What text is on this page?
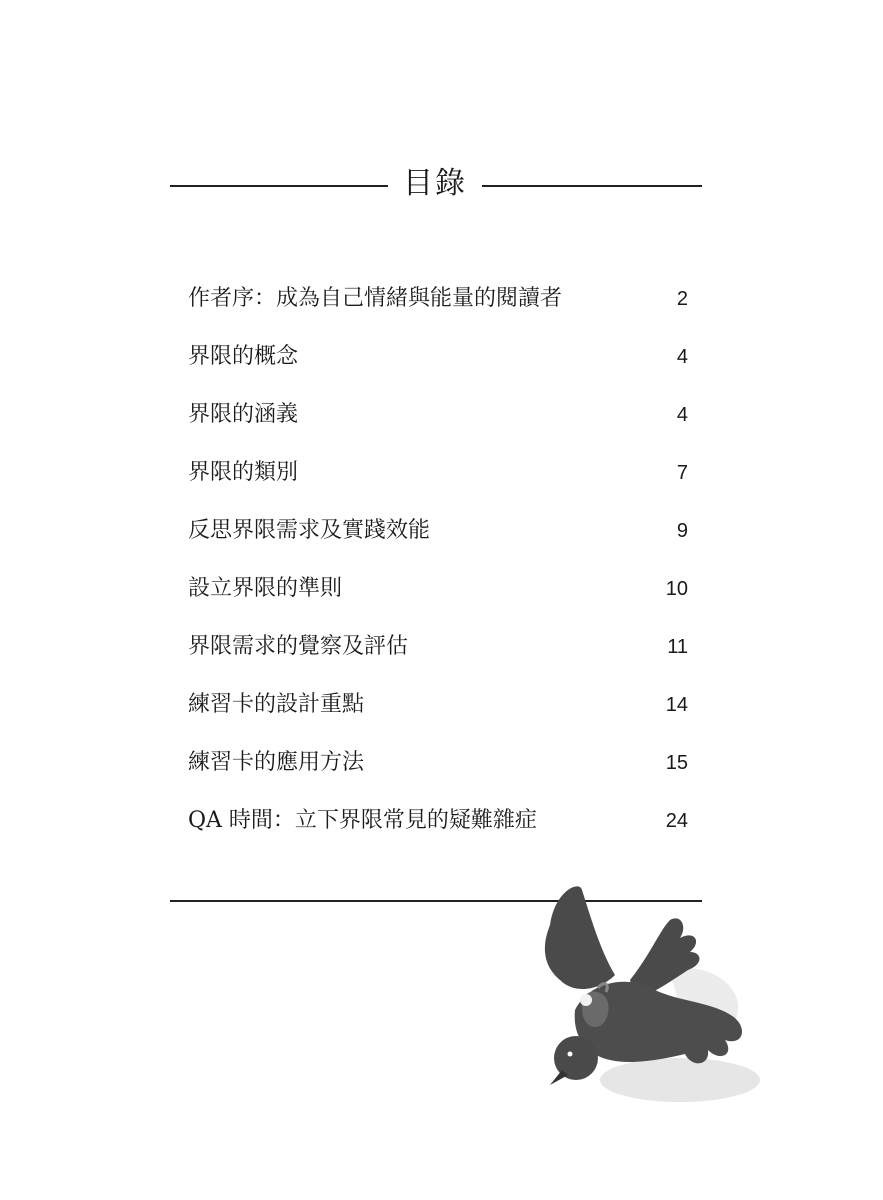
目錄
作者序：成為自己情緒與能量的閱讀者	2
界限的概念	4
界限的涵義	4
界限的類別	7
反思界限需求及實踐效能	9
設立界限的準則	10
界限需求的覺察及評估	11
練習卡的設計重點	14
練習卡的應用方法	15
QA 時間：立下界限常見的疑難雜症	24
